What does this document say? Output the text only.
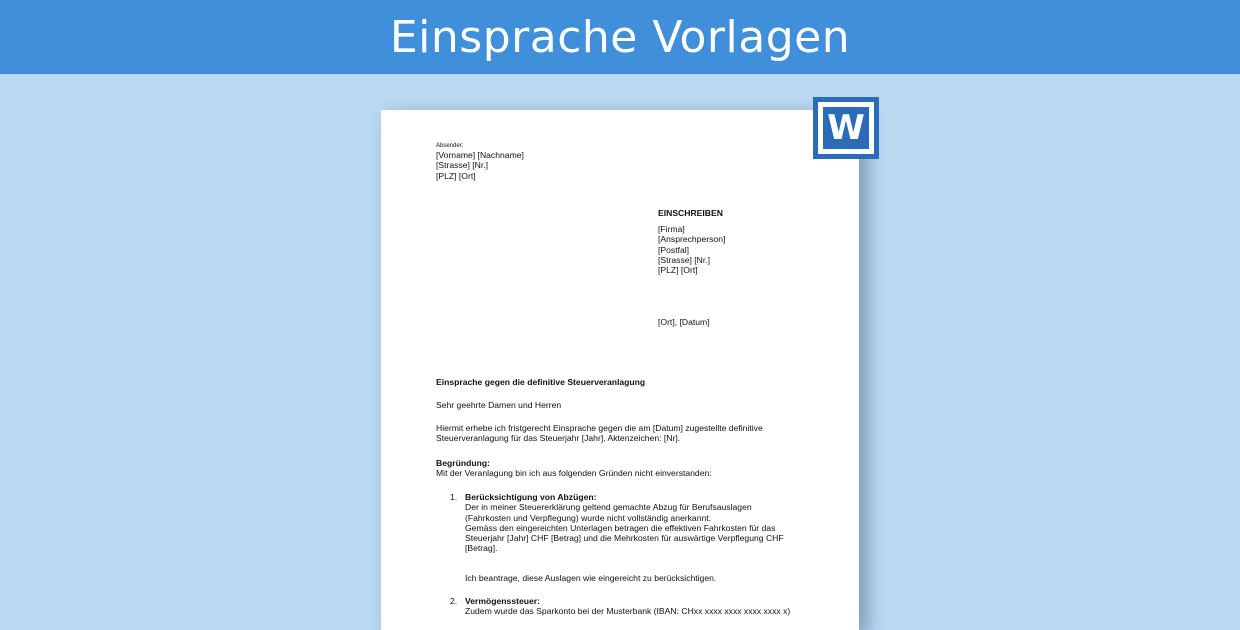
Einsprache Vorlagen
Absender:
[Vorname] [Nachname]
[Strasse] [Nr.]
[PLZ] [Ort]
EINSCHREIBEN
[Firma]
[Ansprechperson]
[Postfal]
[Strasse] [Nr.]
[PLZ] [Ort]
[Ort], [Datum]
Einsprache gegen die definitive Steuerveranlagung
Sehr geehrte Damen und Herren
Hiermit erhebe ich fristgerecht Einsprache gegen die am [Datum] zugestellte definitive
Steuerveranlagung für das Steuerjahr [Jahr], Aktenzeichen: [Nr].
Begründung:
Mit der Veranlagung bin ich aus folgenden Gründen nicht einverstanden:
1. Berücksichtigung von Abzügen:
Der in meiner Steuererklärung geltend gemachte Abzug für Berufsauslagen
(Fahrkosten und Verpflegung) wurde nicht vollständig anerkannt.
Gemäss den eingereichten Unterlagen betragen die effektiven Fahrkosten für das
Steuerjahr [Jahr] CHF [Betrag] und die Mehrkosten für auswärtige Verpflegung CHF
[Betrag].
Ich beantrage, diese Auslagen wie eingereicht zu berücksichtigen.
2. Vermögenssteuer:
Zudem wurde das Sparkonto bei der Musterbank (IBAN: CHxx xxxx xxxx xxxx xxxx x)
W
